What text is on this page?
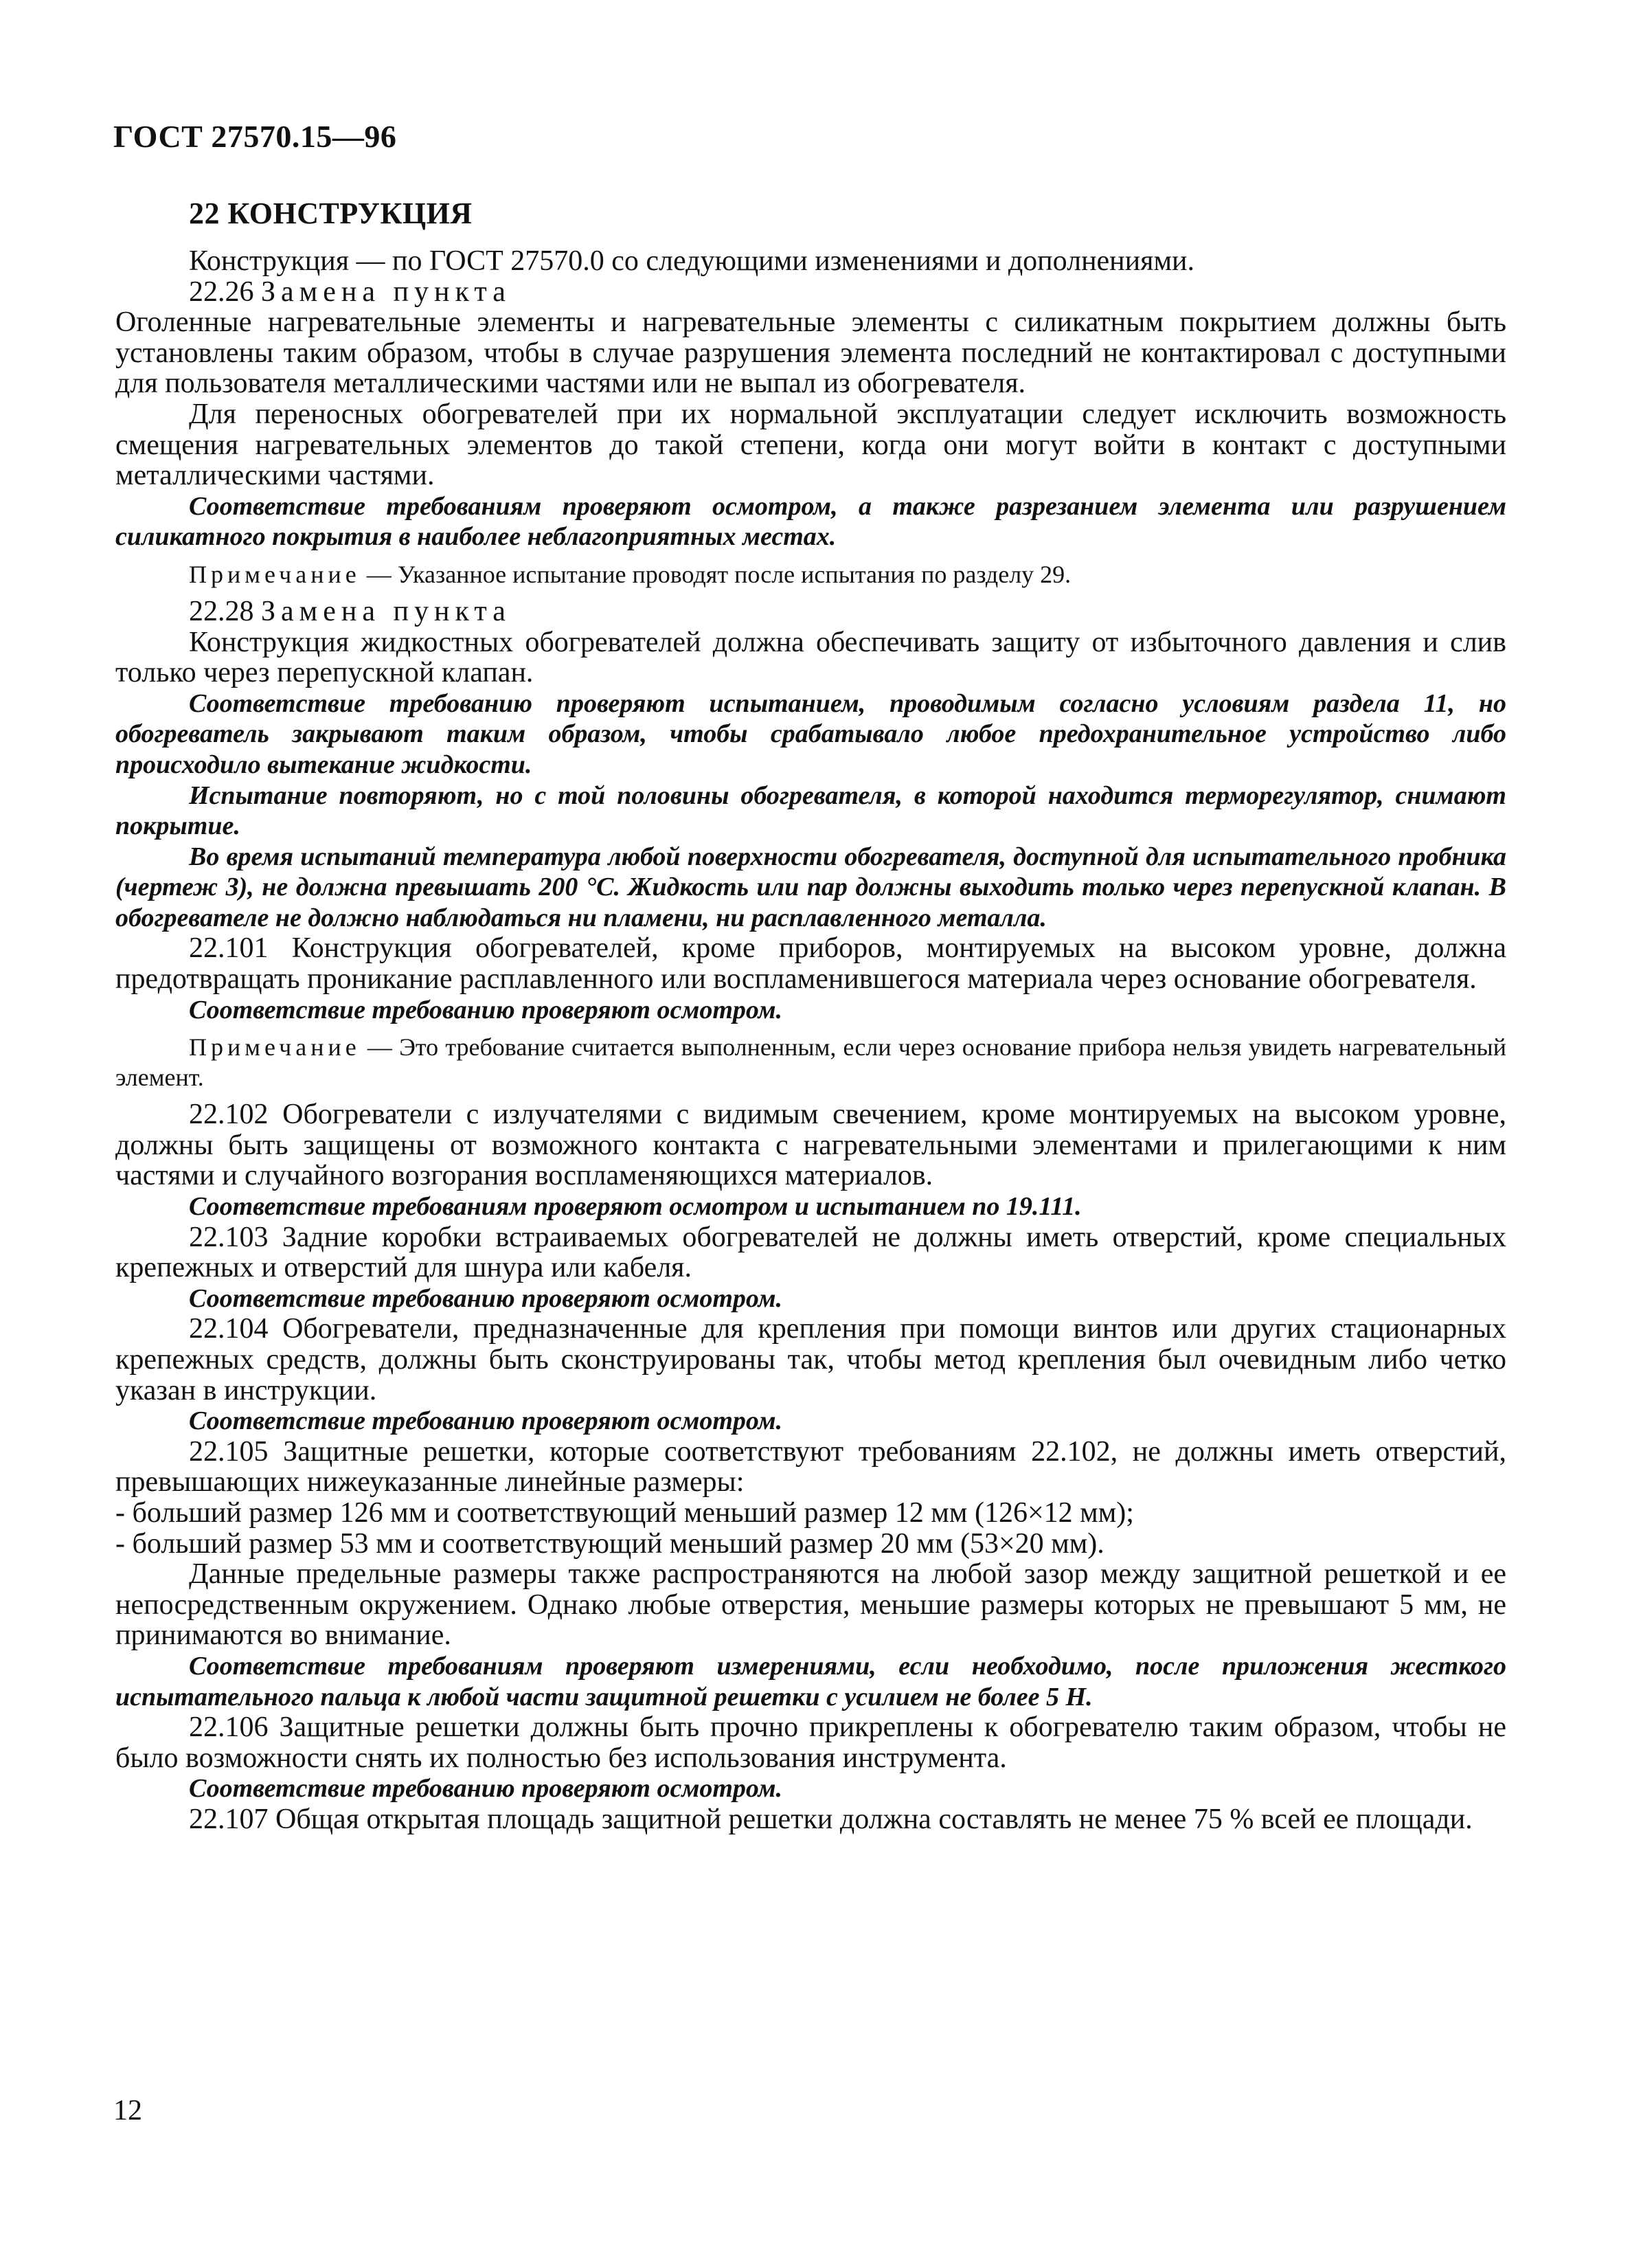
ГОСТ 27570.15—96
22 КОНСТРУКЦИЯ

Конструкция — по ГОСТ 27570.0 со следующими изменениями и дополнениями.

22.26 Замена пункта

Оголенные нагревательные элементы и нагревательные элементы с силикатным покрытием должны быть установлены таким образом, чтобы в случае разрушения элемента последний не контактировал с доступными для пользователя металлическими частями или не выпал из обогревателя.

Для переносных обогревателей при их нормальной эксплуатации следует исключить возможность смещения нагревательных элементов до такой степени, когда они могут войти в контакт с доступными металлическими частями.

Соответствие требованиям проверяют осмотром, а также разрезанием элемента или разрушением силикатного покрытия в наиболее неблагоприятных местах.

Примечание — Указанное испытание проводят после испытания по разделу 29.

22.28 Замена пункта

Конструкция жидкостных обогревателей должна обеспечивать защиту от избыточного давления и слив только через перепускной клапан.

Соответствие требованию проверяют испытанием, проводимым согласно условиям раздела 11, но обогреватель закрывают таким образом, чтобы срабатывало любое предохранительное устройство либо происходило вытекание жидкости.

Испытание повторяют, но с той половины обогревателя, в которой находится терморегулятор, снимают покрытие.

Во время испытаний температура любой поверхности обогревателя, доступной для испытательного пробника (чертеж 3), не должна превышать 200 °С. Жидкость или пар должны выходить только через перепускной клапан. В обогревателе не должно наблюдаться ни пламени, ни расплавленного металла.

22.101 Конструкция обогревателей, кроме приборов, монтируемых на высоком уровне, должна предотвращать проникание расплавленного или воспламенившегося материала через основание обогревателя.

Соответствие требованию проверяют осмотром.

Примечание — Это требование считается выполненным, если через основание прибора нельзя увидеть нагревательный элемент.

22.102 Обогреватели с излучателями с видимым свечением, кроме монтируемых на высоком уровне, должны быть защищены от возможного контакта с нагревательными элементами и прилегающими к ним частями и случайного возгорания воспламеняющихся материалов.

Соответствие требованиям проверяют осмотром и испытанием по 19.111.

22.103 Задние коробки встраиваемых обогревателей не должны иметь отверстий, кроме специальных крепежных и отверстий для шнура или кабеля.

Соответствие требованию проверяют осмотром.

22.104 Обогреватели, предназначенные для крепления при помощи винтов или других стационарных крепежных средств, должны быть сконструированы так, чтобы метод крепления был очевидным либо четко указан в инструкции.

Соответствие требованию проверяют осмотром.

22.105 Защитные решетки, которые соответствуют требованиям 22.102, не должны иметь отверстий, превышающих нижеуказанные линейные размеры:

- больший размер 126 мм и соответствующий меньший размер 12 мм (126×12 мм);

- больший размер 53 мм и соответствующий меньший размер 20 мм (53×20 мм).

Данные предельные размеры также распространяются на любой зазор между защитной решеткой и ее непосредственным окружением. Однако любые отверстия, меньшие размеры которых не превышают 5 мм, не принимаются во внимание.

Соответствие требованиям проверяют измерениями, если необходимо, после приложения жесткого испытательного пальца к любой части защитной решетки с усилием не более 5 Н.

22.106 Защитные решетки должны быть прочно прикреплены к обогревателю таким образом, чтобы не было возможности снять их полностью без использования инструмента.

Соответствие требованию проверяют осмотром.

22.107 Общая открытая площадь защитной решетки должна составлять не менее 75 % всей ее площади.

12
